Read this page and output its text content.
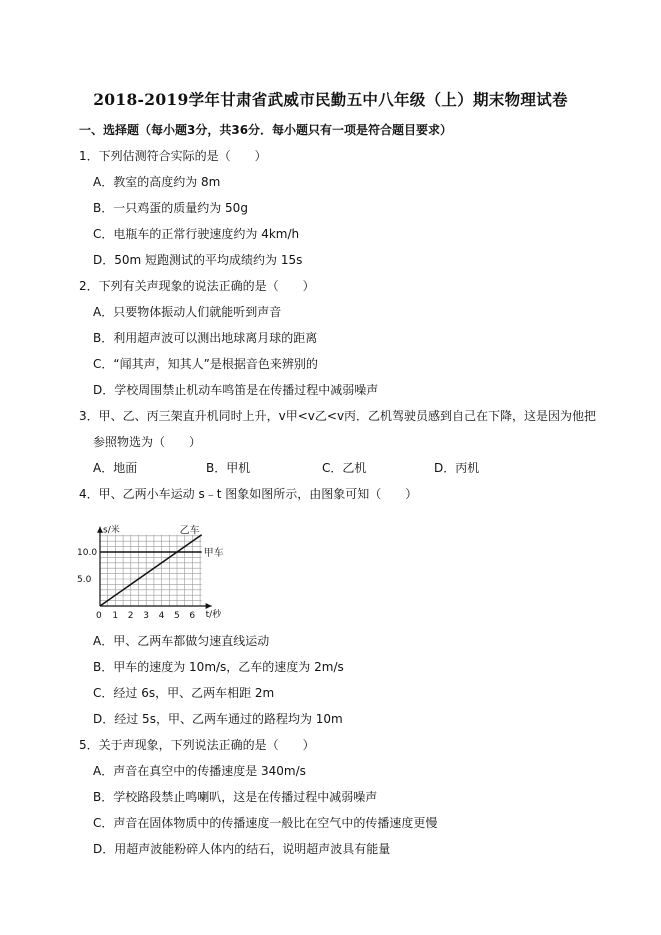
2018-2019学年甘肃省武威市民勤五中八年级（上）期末物理试卷
一、选择题（每小题3分，共36分．每小题只有一项是符合题目要求）
1．下列估测符合实际的是（　　）
A．教室的高度约为 8m
B．一只鸡蛋的质量约为 50g
C．电瓶车的正常行驶速度约为 4km/h
D．50m 短跑测试的平均成绩约为 15s
2．下列有关声现象的说法正确的是（　　）
A．只要物体振动人们就能听到声音
B．利用超声波可以测出地球离月球的距离
C．“闻其声，知其人”是根据音色来辨别的
D．学校周围禁止机动车鸣笛是在传播过程中减弱噪声
3．甲、乙、丙三架直升机同时上升，v甲<v乙<v丙．乙机驾驶员感到自己在下降，这是因为他把
参照物选为（　　）
A．地面	B．甲机	C．乙机	D．丙机
4．甲、乙两小车运动 s﹣t 图象如图所示，由图象可知（　　）
甲车
乙车
0 1 2 3 4 5 6
5.0
10.0
s/米
t/秒
A．甲、乙两车都做匀速直线运动
B．甲车的速度为 10m/s，乙车的速度为 2m/s
C．经过 6s，甲、乙两车相距 2m
D．经过 5s，甲、乙两车通过的路程均为 10m
5．关于声现象，下列说法正确的是（　　）
A．声音在真空中的传播速度是 340m/s
B．学校路段禁止鸣喇叭，这是在传播过程中减弱噪声
C．声音在固体物质中的传播速度一般比在空气中的传播速度更慢
D．用超声波能粉碎人体内的结石，说明超声波具有能量
